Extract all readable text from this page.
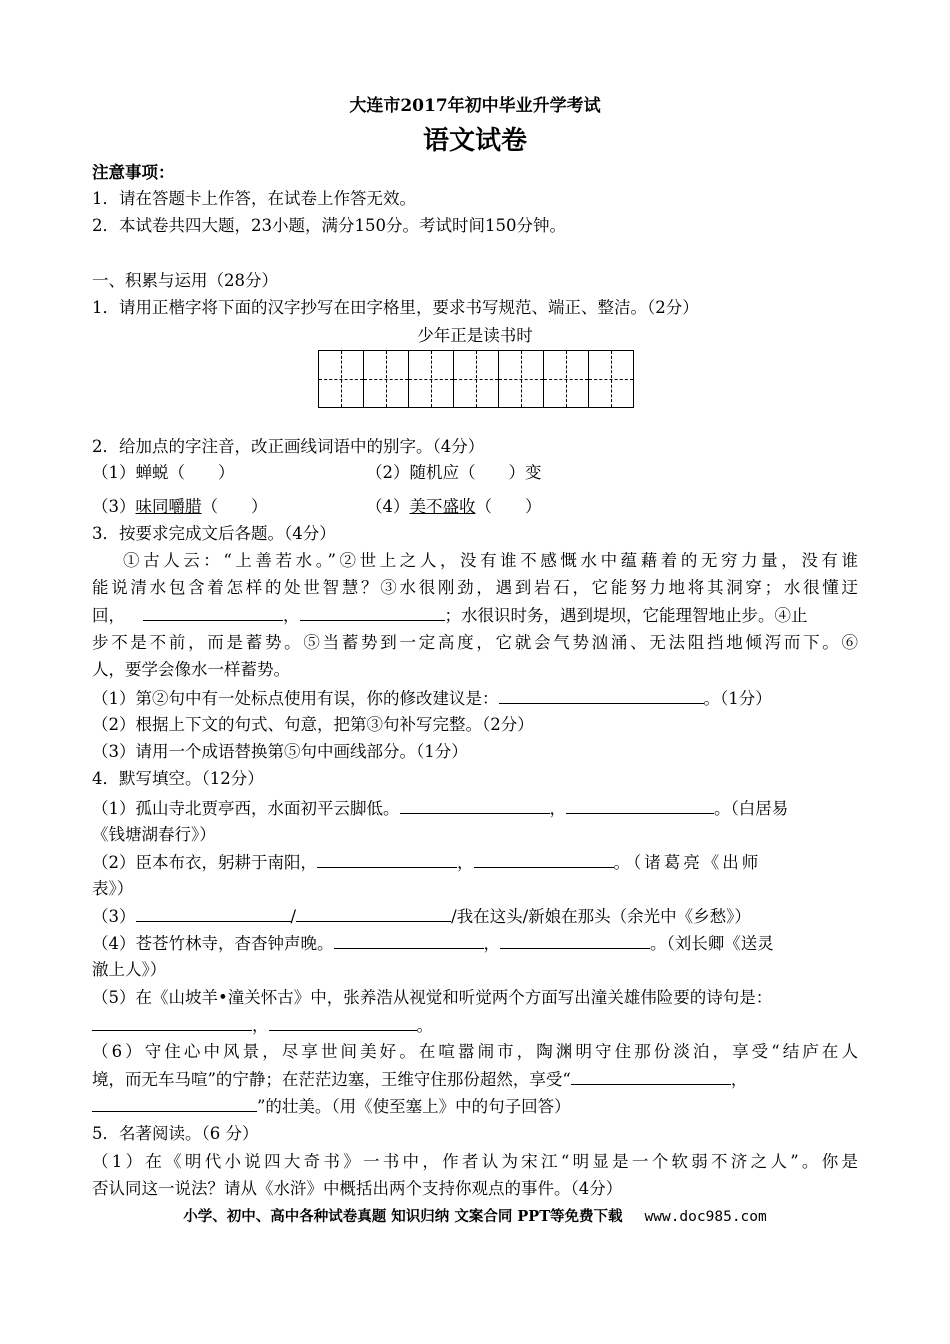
大连市2017年初中毕业升学考试
语文试卷
注意事项：
1．请在答题卡上作答，在试卷上作答无效。
2．本试卷共四大题，23小题，满分150分。考试时间150分钟。
一、积累与运用（28分）
1．请用正楷字将下面的汉字抄写在田字格里，要求书写规范、端正、整洁。（2分）
少年正是读书时
2．给加点的字注音，改正画线词语中的别字。（4分）
（1）蝉蜕（　　）	（2）随机应（　　）变
（3）味同嚼腊（　　）	（4）美不盛收（　　）
3．按要求完成文后各题。（4分）
①古人云：“上善若水。”②世上之人，没有谁不感慨水中蕴藉着的无穷力量，没有谁
能说清水包含着怎样的处世智慧？③水很刚劲，遇到岩石，它能努力地将其洞穿；水很懂迂
回，	，	；水很识时务，遇到堤坝，它能理智地止步。④止
步不是不前，而是蓄势。⑤当蓄势到一定高度，它就会气势汹涌、无法阻挡地倾泻而下。⑥
人，要学会像水一样蓄势。
（1）第②句中有一处标点使用有误，你的修改建议是：	。（1分）
（2）根据上下文的句式、句意，把第③句补写完整。（2分）
（3）请用一个成语替换第⑤句中画线部分。（1分）
4．默写填空。（12分）
（1）孤山寺北贾亭西，水面初平云脚低。	，	。（白居易
《钱塘湖春行》）
（2）臣本布衣，躬耕于南阳，	，	。（诸葛亮《出师
表》）
（3）	/	/我在这头/新娘在那头（余光中《乡愁》）
（4）苍苍竹林寺，杳杳钟声晚。	，	。（刘长卿《送灵
澈上人》）
（5）在《山坡羊•潼关怀古》中，张养浩从视觉和听觉两个方面写出潼关雄伟险要的诗句是：
，	。
（6）守住心中风景，尽享世间美好。在喧嚣闹市，陶渊明守住那份淡泊，享受“结庐在人
境，而无车马喧”的宁静；在茫茫边塞，王维守住那份超然，享受“	，
”的壮美。（用《使至塞上》中的句子回答）
5．名著阅读。（6 分）
（1）在《明代小说四大奇书》一书中，作者认为宋江“明显是一个软弱不济之人”。你是
否认同这一说法？请从《水浒》中概括出两个支持你观点的事件。（4分）
小学、初中、高中各种试卷真题 知识归纳 文案合同 PPT等免费下载 www.doc985.com
